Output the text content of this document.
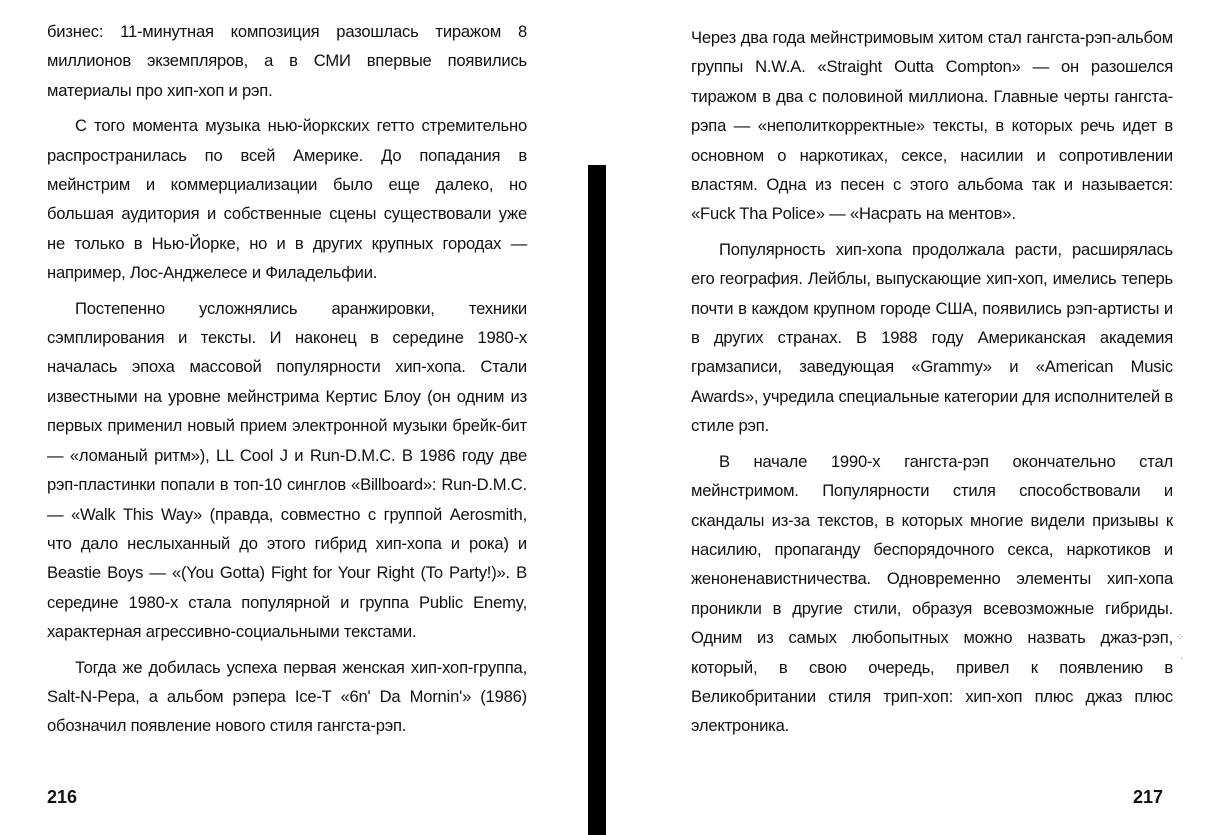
бизнес: 11-минутная композиция разошлась тиражом 8 миллионов экземпляров, а в СМИ впервые появились материалы про хип-хоп и рэп.

С того момента музыка нью-йоркских гетто стремительно распространилась по всей Америке. До попадания в мейнстрим и коммерциализации было еще далеко, но большая аудитория и собственные сцены существовали уже не только в Нью-Йорке, но и в других крупных городах — например, Лос-Анджелесе и Филадельфии.

Постепенно усложнялись аранжировки, техники сэмплирования и тексты. И наконец в середине 1980-х началась эпоха массовой популярности хип-хопа. Стали известными на уровне мейнстрима Кертис Блоу (он одним из первых применил новый прием электронной музыки брейк-бит — «ломаный ритм»), LL Cool J и Run-D.M.C. В 1986 году две рэп-пластинки попали в топ-10 синглов «Billboard»: Run-D.M.C. — «Walk This Way» (правда, совместно с группой Aerosmith, что дало неслыханный до этого гибрид хип-хопа и рока) и Beastie Boys — «(You Gotta) Fight for Your Right (To Party!)». В середине 1980-х стала популярной и группа Public Enemy, характерная агрессивно-социальными текстами.

Тогда же добилась успеха первая женская хип-хоп-группа, Salt-N-Pepa, а альбом рэпера Ice-T «6n' Da Mornin'» (1986) обозначил появление нового стиля гангста-рэп.

216

Через два года мейнстримовым хитом стал гангста-рэп-альбом группы N.W.A. «Straight Outta Compton» — он разошелся тиражом в два с половиной миллиона. Главные черты гангста-рэпа — «неполиткорректные» тексты, в которых речь идет в основном о наркотиках, сексе, насилии и сопротивлении властям. Одна из песен с этого альбома так и называется: «Fuck Tha Police» — «Насрать на ментов».

Популярность хип-хопа продолжала расти, расширялась его география. Лейблы, выпускающие хип-хоп, имелись теперь почти в каждом крупном городе США, появились рэп-артисты и в других странах. В 1988 году Американская академия грамзаписи, заведующая «Grammy» и «American Music Awards», учредила специальные категории для исполнителей в стиле рэп.

В начале 1990-х гангста-рэп окончательно стал мейнстримом. Популярности стиля способствовали и скандалы из-за текстов, в которых многие видели призывы к насилию, пропаганду беспорядочного секса, наркотиков и женоненавистничества. Одновременно элементы хип-хопа проникли в другие стили, образуя всевозможные гибриды. Одним из самых любопытных можно назвать джаз-рэп, который, в свою очередь, привел к появлению в Великобритании стиля трип-хоп: хип-хоп плюс джаз плюс электроника.

217
⁘
·
